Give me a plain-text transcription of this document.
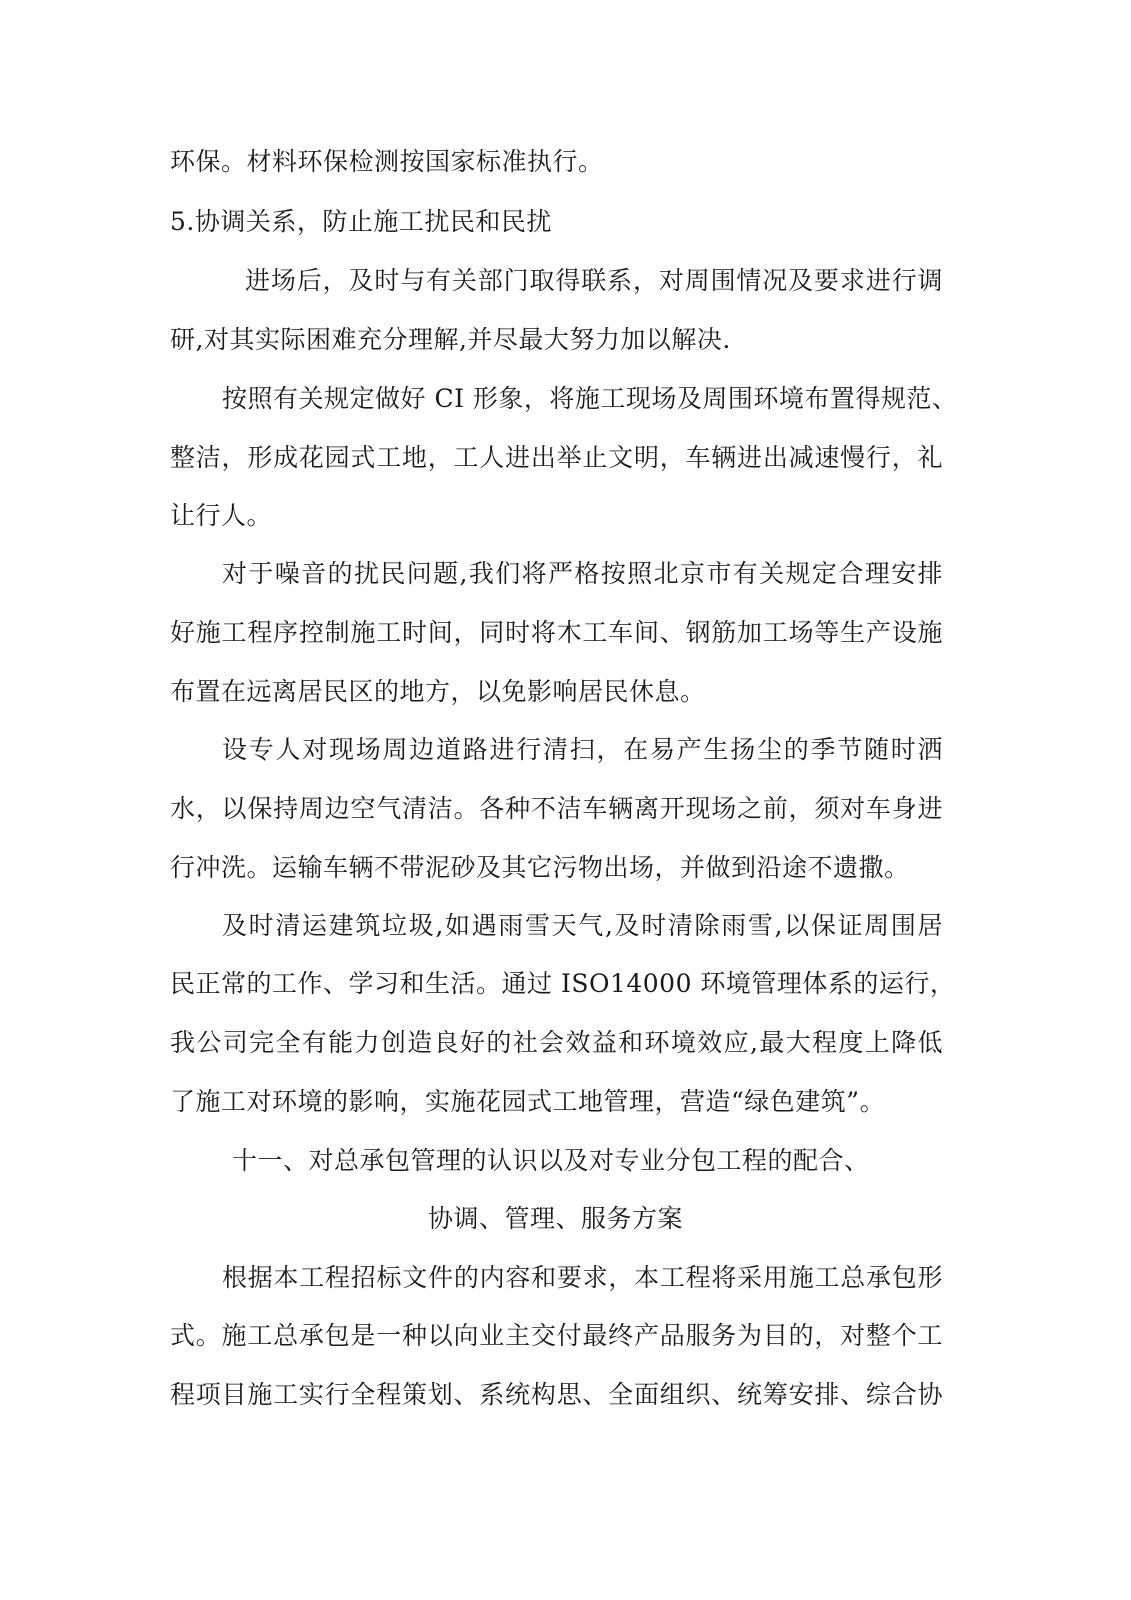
环保。材料环保检测按国家标准执行。
5.协调关系，防止施工扰民和民扰
进场后，及时与有关部门取得联系，对周围情况及要求进行调
研,对其实际困难充分理解,并尽最大努力加以解决.
按照有关规定做好 CI 形象，将施工现场及周围环境布置得规范、
整洁，形成花园式工地，工人进出举止文明，车辆进出减速慢行，礼
让行人。
对于噪音的扰民问题,我们将严格按照北京市有关规定合理安排
好施工程序控制施工时间，同时将木工车间、钢筋加工场等生产设施
布置在远离居民区的地方，以免影响居民休息。
设专人对现场周边道路进行清扫，在易产生扬尘的季节随时洒
水，以保持周边空气清洁。各种不洁车辆离开现场之前，须对车身进
行冲洗。运输车辆不带泥砂及其它污物出场，并做到沿途不遗撒。
及时清运建筑垃圾,如遇雨雪天气,及时清除雨雪,以保证周围居
民正常的工作、学习和生活。通过 ISO14000 环境管理体系的运行，
我公司完全有能力创造良好的社会效益和环境效应,最大程度上降低
了施工对环境的影响，实施花园式工地管理，营造“绿色建筑”。
十一、对总承包管理的认识以及对专业分包工程的配合、
协调、管理、服务方案
根据本工程招标文件的内容和要求，本工程将采用施工总承包形
式。施工总承包是一种以向业主交付最终产品服务为目的，对整个工
程项目施工实行全程策划、系统构思、全面组织、统筹安排、综合协
